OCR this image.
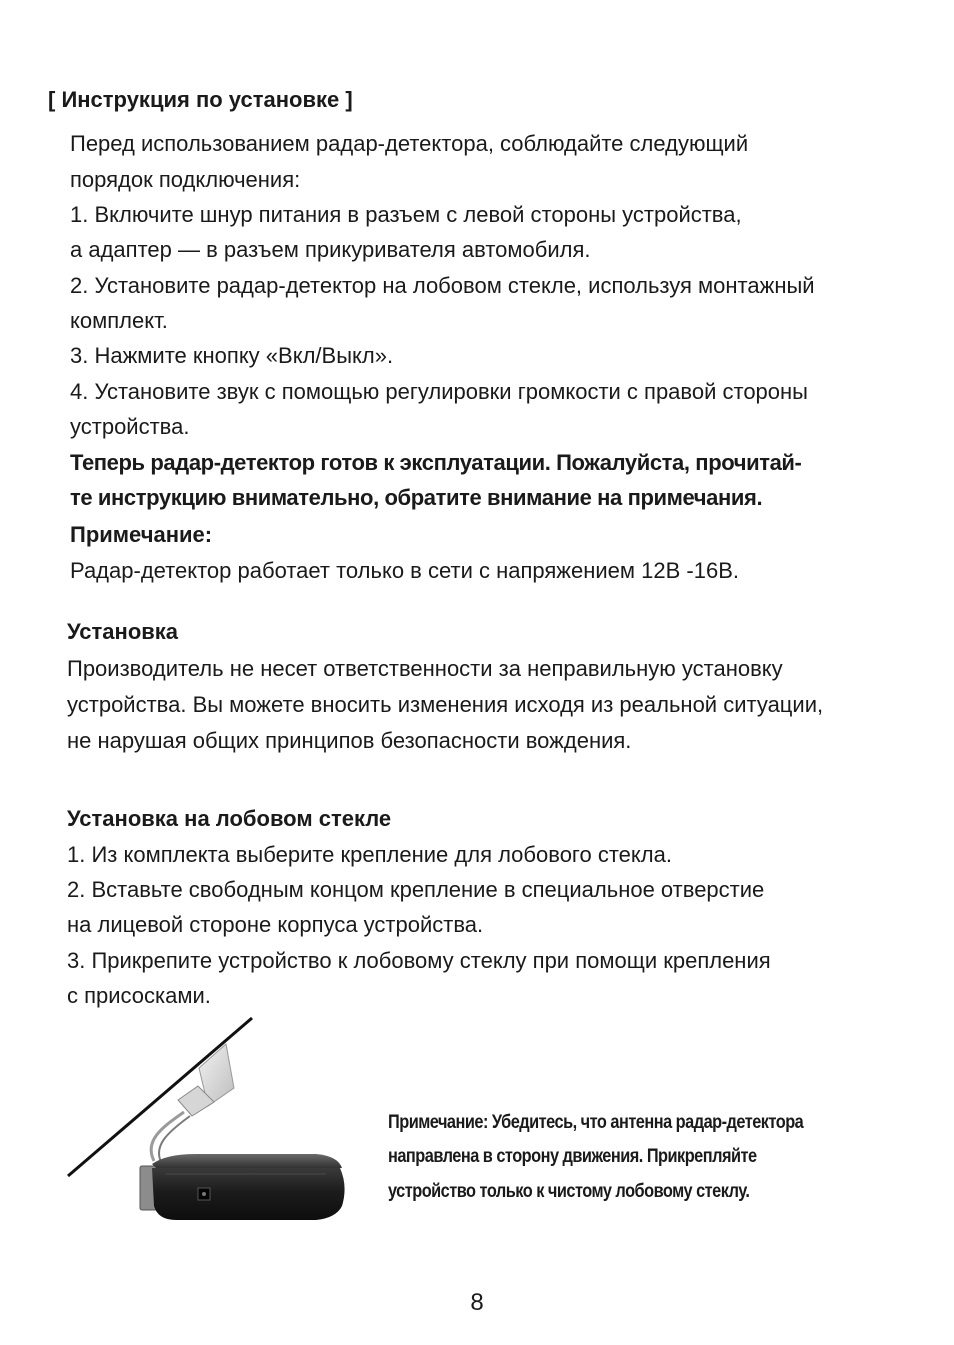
[ Инструкция по установке ]

Перед использованием радар-детектора, соблюдайте следующий

порядок подключения:

1. Включите шнур питания в разъем с левой стороны устройства,

а адаптер — в разъем прикуривателя автомобиля.

2. Установите радар-детектор на лобовом стекле, используя монтажный

комплект.

3. Нажмите кнопку «Вкл/Выкл».

4. Установите звук с помощью регулировки громкости с правой стороны

устройства.

Теперь радар-детектор готов к эксплуатации. Пожалуйста, прочитай-

те инструкцию внимательно, обратите внимание на примечания.

Примечание:

Радар-детектор работает только в сети с напряжением 12В -16В.

Установка

Производитель не несет ответственности за неправильную установку

устройства. Вы можете вносить изменения исходя из реальной ситуации,

не нарушая общих принципов безопасности вождения.

Установка на лобовом стекле

1. Из комплекта выберите крепление для лобового стекла.

2. Вставьте свободным концом крепление в специальное отверстие

на лицевой стороне корпуса устройства.

3. Прикрепите устройство к лобовому стеклу при помощи крепления

с присосками.

Примечание: Убедитесь, что антенна радар-детектора

направлена в сторону движения. Прикрепляйте

устройство только к чистому лобовому стеклу.

8
